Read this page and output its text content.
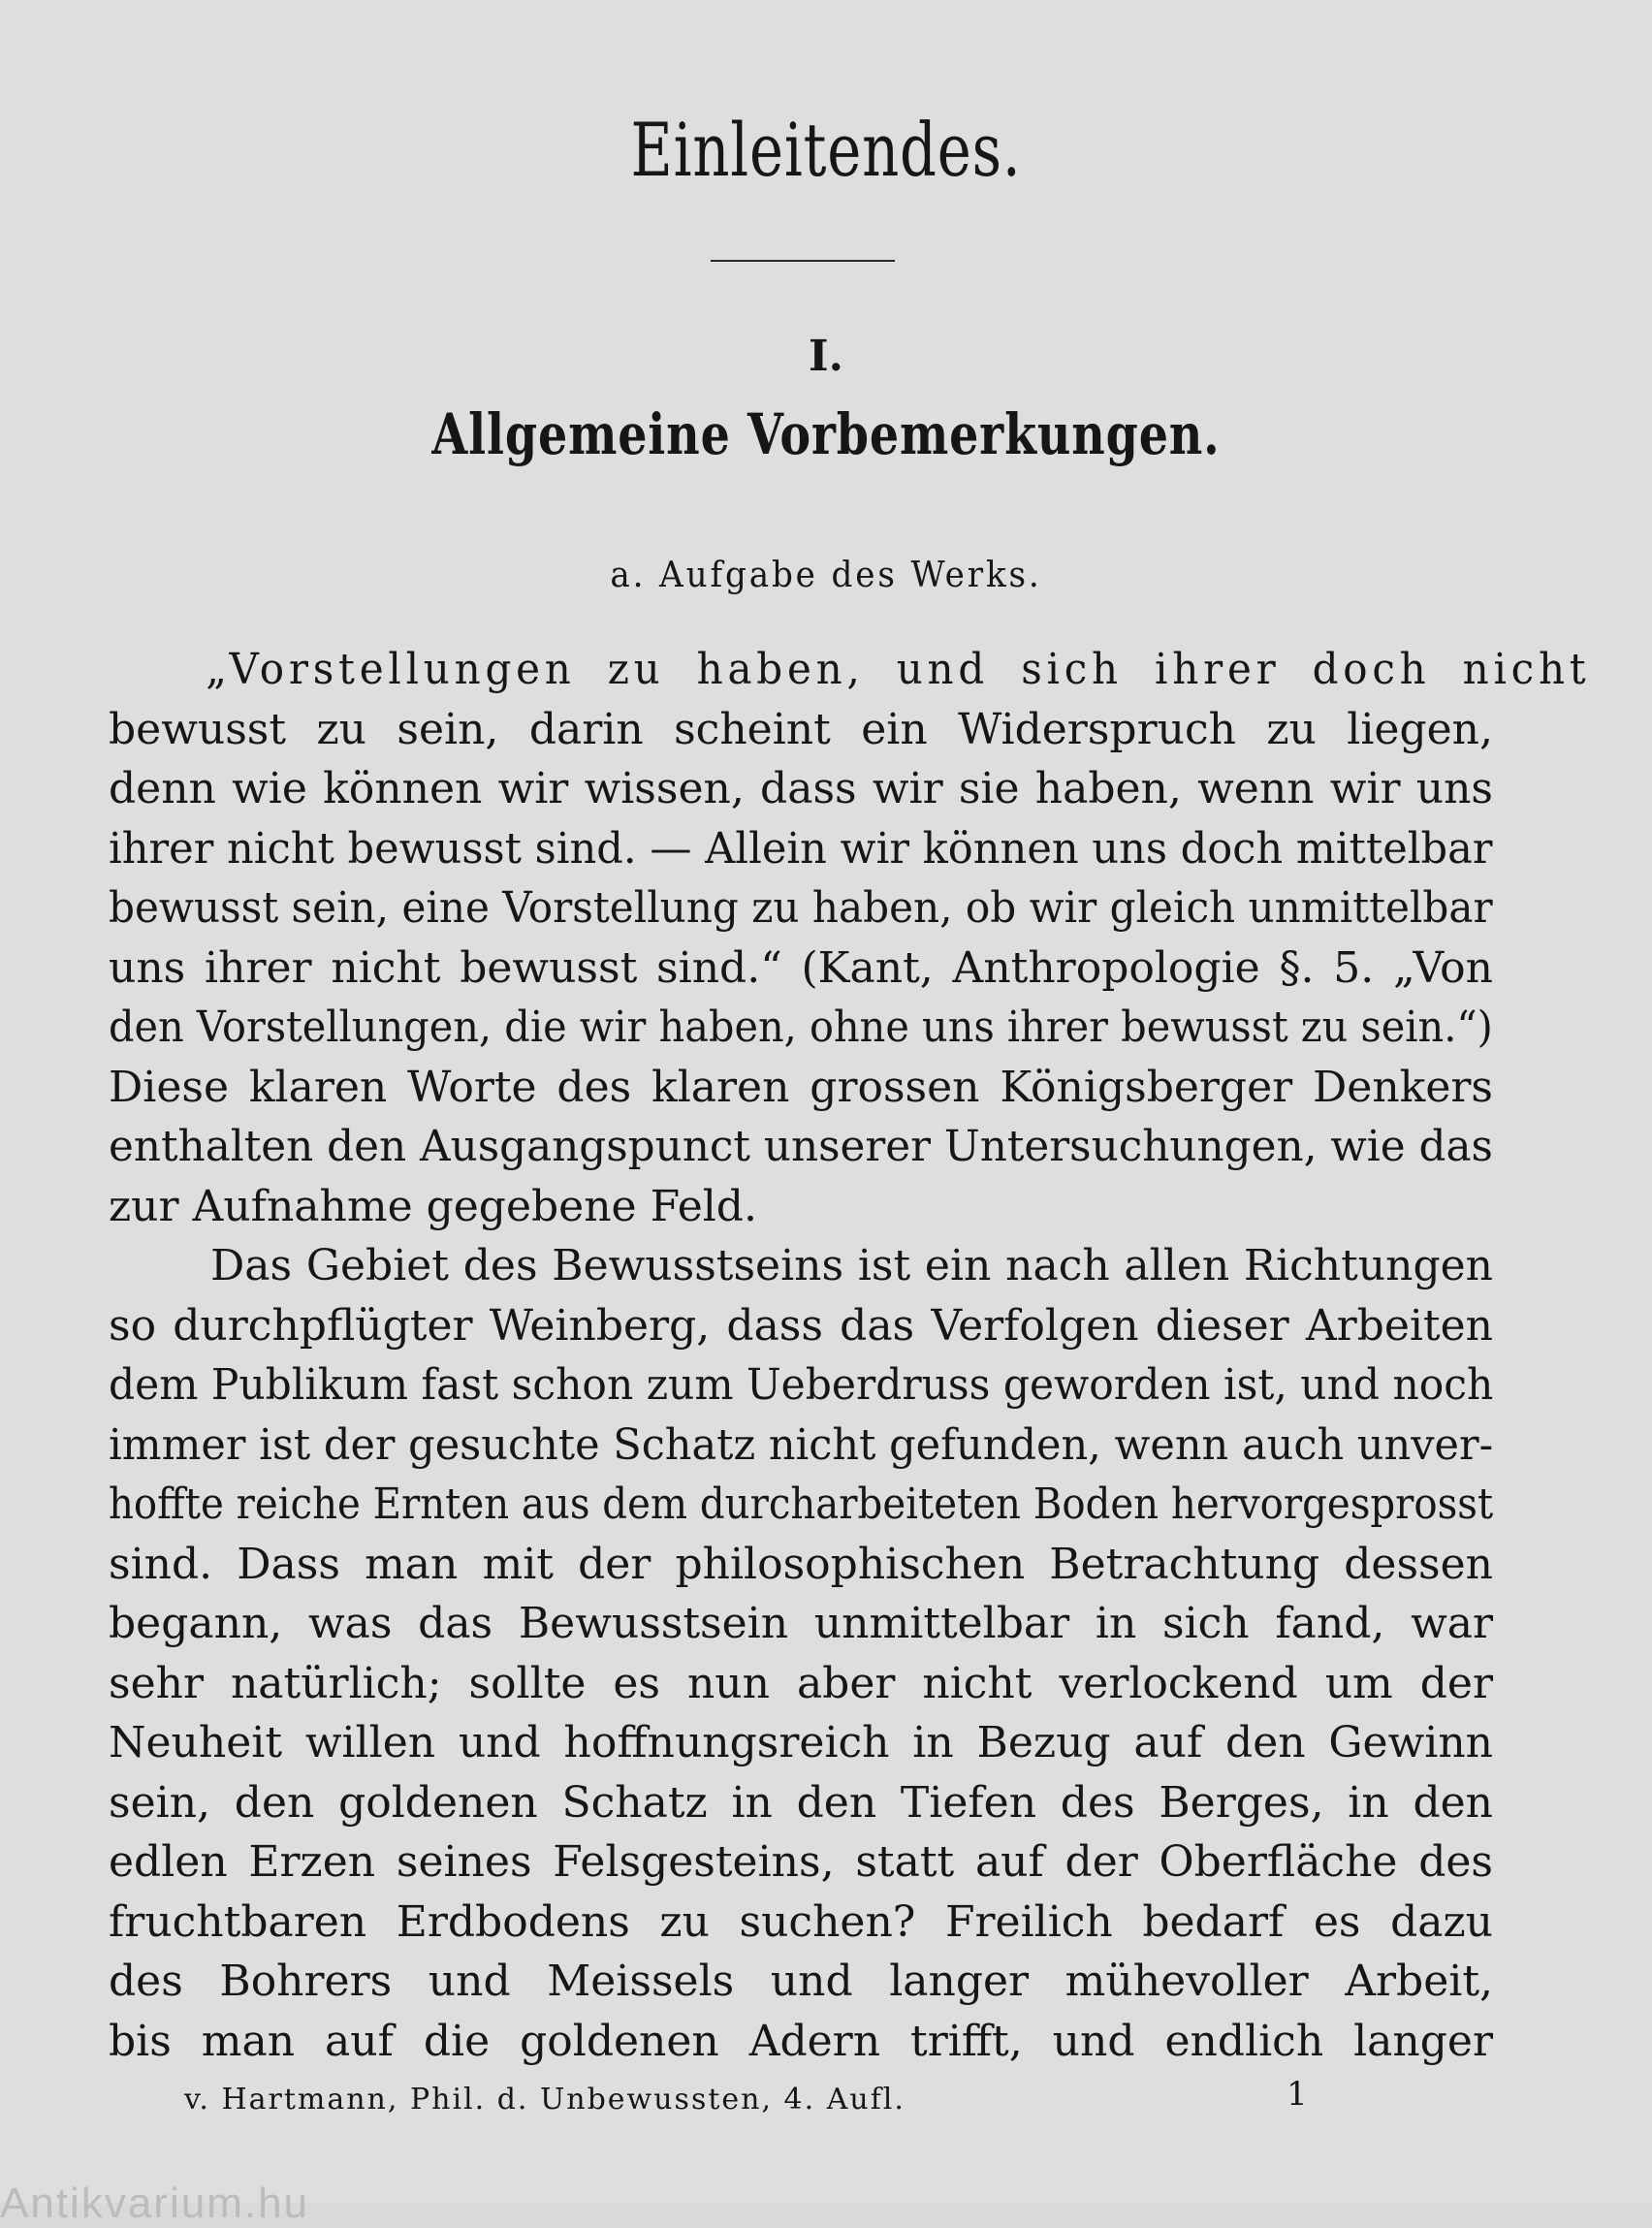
Einleitendes.
I.
Allgemeine Vorbemerkungen.
a. Aufgabe des Werks.
„Vorstellungen zu haben, und sich ihrer doch nicht
bewusst zu sein, darin scheint ein Widerspruch zu liegen,
denn wie können wir wissen, dass wir sie haben, wenn wir uns
ihrer nicht bewusst sind. — Allein wir können uns doch mittelbar
bewusst sein, eine Vorstellung zu haben, ob wir gleich unmittelbar
uns ihrer nicht bewusst sind.“ (Kant, Anthropologie §. 5. „Von
den Vorstellungen, die wir haben, ohne uns ihrer bewusst zu sein.“)
Diese klaren Worte des klaren grossen Königsberger Denkers
enthalten den Ausgangspunct unserer Untersuchungen, wie das
zur Aufnahme gegebene Feld.
Das Gebiet des Bewusstseins ist ein nach allen Richtungen
so durchpflügter Weinberg, dass das Verfolgen dieser Arbeiten
dem Publikum fast schon zum Ueberdruss geworden ist, und noch
immer ist der gesuchte Schatz nicht gefunden, wenn auch unver-
hoffte reiche Ernten aus dem durcharbeiteten Boden hervorgesprosst
sind. Dass man mit der philosophischen Betrachtung dessen
begann, was das Bewusstsein unmittelbar in sich fand, war
sehr natürlich; sollte es nun aber nicht verlockend um der
Neuheit willen und hoffnungsreich in Bezug auf den Gewinn
sein, den goldenen Schatz in den Tiefen des Berges, in den
edlen Erzen seines Felsgesteins, statt auf der Oberfläche des
fruchtbaren Erdbodens zu suchen? Freilich bedarf es dazu
des Bohrers und Meissels und langer mühevoller Arbeit,
bis man auf die goldenen Adern trifft, und endlich langer
v. Hartmann, Phil. d. Unbewussten, 4. Aufl.	1
Antikvarium.hu
